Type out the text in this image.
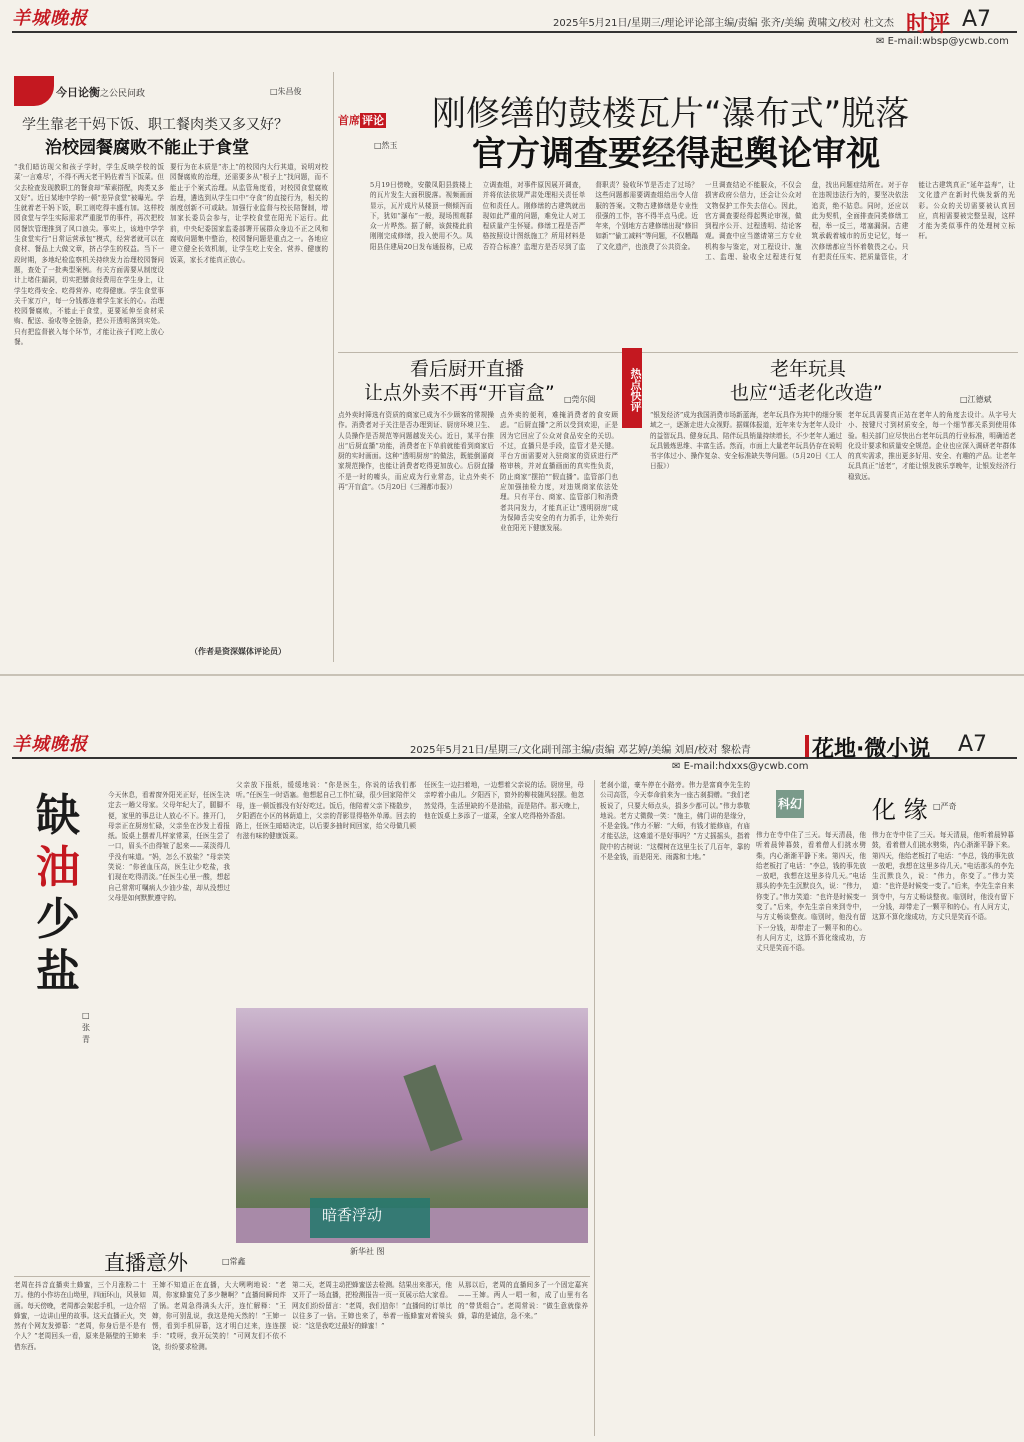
羊城晚报	2025年5月21日/星期三/理论评论部主编/责编 张齐/美编 黄啸文/校对 杜文杰 时评 A7
✉ E-mail:wbsp@ycwb.com
今日论衡之公民问政	□朱昌俊
学生靠老干妈下饭、职工餐肉类又多又好？
治校园餐腐败不能止于食堂
“我们暗访现父和孩子学时，学生反映学校的饭菜‘一言难尽’，不得不两天老干妈佐着当下饭菜。但父去检查发现教职工的餐食却“荤素搭配，肉类又多又好”。近日某地中学的一顿“差异食堂”被曝光。学生就着老干妈下饭，职工则吃得丰盛有加。这样校园食堂与学生实际需求严重脱节的事件，再次把校园餐饮管理推到了风口浪尖。事实上，该地中学学生食堂实行“日常运营承包”模式，经营者就可以在食材、餐品上大做文章，挤占学生的权益。当下一段时期，多地纪检监察机关持续发力治理校园餐问题，查处了一批典型案例。有关方面需要从制度设计上堵住漏洞，切实把膳食经费用在学生身上，让学生吃得安全、吃得营养、吃得健康。学生食堂事关千家万户，每一分钱都连着学生家长的心。治理校园餐腐败，不能止于食堂，更要延伸至食材采购、配送、验收等全链条，把公开透明落到实处。只有把监督嵌入每个环节，才能让孩子们吃上放心餐。
要行为在本质是“亦上”的校园内大行其道，说明对校园餐腐败的治理，还需要多从“根子上”找问题，而不能止于个案式治理。从监管角度看，对校园食堂腐败治理，遴选到从学生口中“夺食”的直接行为，相关的制度创新不可或缺。加强行业监督与校长陪餐制，增加家长委员会参与，让学校食堂在阳光下运行。此前，中央纪委国家监委部署开展群众身边不正之风和腐败问题集中整治，校园餐问题是重点之一。各地应建立健全长效机制，让学生吃上安全、营养、健康的饭菜，家长才能真正放心。
（作者是资深媒体评论员）
首席 评论
□然玉
刚修缮的鼓楼瓦片“瀑布式”脱落
官方调查要经得起舆论审视
5月19日傍晚，安徽凤阳县鼓楼上的瓦片发生大面积脱落。视频画面显示，瓦片成片从楼顶一侧倾泻而下，犹如“瀑布”一般，现场围观群众一片哗然。据了解，该鼓楼此前刚刚完成修缮，投入使用不久。凤阳县住建局20日发布通报称，已成立调查组，对事件原因展开调查，并将依法依规严肃处理相关责任单位和责任人。刚修缮的古建筑就出现如此严重的问题，难免让人对工程质量产生怀疑。修缮工程是否严格按照设计图纸施工？所用材料是否符合标准？监理方是否尽到了监督职责？验收环节是否走了过场？这些问题都需要调查组给出令人信服的答案。文物古建修缮是专业性很强的工作，容不得半点马虎。近年来，个别地方古建修缮出现“修旧如新”“偷工减料”等问题，不仅糟蹋了文化遗产，也浪费了公共资金。
一旦调查结论不能服众，不仅会损害政府公信力，还会让公众对文物保护工作失去信心。因此，官方调查要经得起舆论审视，做到程序公开、过程透明、结论客观。调查中应当邀请第三方专业机构参与鉴定，对工程设计、施工、监理、验收全过程进行复盘，找出问题症结所在。对于存在违规违法行为的，要坚决依法追责，绝不姑息。同时，还应以此为契机，全面排查同类修缮工程，举一反三，堵塞漏洞。古建筑承载着城市的历史记忆，每一次修缮都应当怀着敬畏之心。只有把责任压实、把质量管住，才能让古建筑真正“延年益寿”，让文化遗产在新时代焕发新的光彩。公众的关切需要被认真回应，真相需要被完整呈现，这样才能为类似事件的处理树立标杆。
看后厨开直播
让点外卖不再“开盲盒” □莞尔阅
点外卖时筛选有资质的商家已成为不少顾客的常规操作。消费者对于关注是否办理到证、厨房环境卫生、人员操作是否规范等问题越发关心。近日，某平台推出“后厨直播”功能，消费者在下单前就能看到商家后厨的实时画面。这种“透明厨房”的做法，既能倒逼商家规范操作，也能让消费者吃得更加放心。后厨直播不是一时的噱头，而应成为行业常态，让点外卖不再“开盲盒”。（5月20日《三湘都市报》）
点外卖的便利，难掩消费者的食安顾虑。“后厨直播”之所以受到欢迎，正是因为它回应了公众对食品安全的关切。不过，直播只是手段，监管才是关键。平台方面需要对入驻商家的资质进行严格审核，并对直播画面的真实性负责，防止商家“摆拍”“假直播”。监管部门也应加强抽检力度，对违规商家依法处理。只有平台、商家、监管部门和消费者共同发力，才能真正让“透明厨房”成为保障舌尖安全的有力抓手，让外卖行业在阳光下健康发展。
热点快评	老年玩具
也应“适老化改造”	□江德斌
“银发经济”成为我国消费市场新蓝海，老年玩具作为其中的细分领域之一，逐渐走进大众视野。据媒体报道，近年来专为老年人设计的益智玩具、健身玩具、陪伴玩具销量持续增长，不少老年人通过玩具锻炼思维、丰富生活。然而，市面上大量老年玩具仍存在说明书字体过小、操作复杂、安全标准缺失等问题。（5月20日《工人日报》）
老年玩具需要真正站在老年人的角度去设计。从字号大小、按键尺寸到材质安全，每一个细节都关系到使用体验。相关部门应尽快出台老年玩具的行业标准，明确适老化设计要求和质量安全规范。企业也应深入调研老年群体的真实需求，推出更多好用、安全、有趣的产品。让老年玩具真正“适老”，才能让银发族乐享晚年，让银发经济行稳致远。
羊城晚报	2025年5月21日/星期三/文化副刊部主编/责编 邓艺婷/美编 刘眉/校对 黎松青	花地·微小说 A7
✉ E-mail:hdxxs@ycwb.com
缺
油
少
盐
□张青
今天休息，看着窗外阳光正好，任医生决定去一趟父母家。父母年纪大了，腿脚不便，家里的事总让人放心不下。推开门，母亲正在厨房忙碌，父亲坐在沙发上看报纸。饭桌上摆着几样家常菜，任医生尝了一口，眉头不由得皱了起来——菜淡得几乎没有味道。“妈，怎么不放盐？”母亲笑笑说：“你爸血压高，医生让少吃盐，我们现在吃得清淡。”任医生心里一酸，想起自己常常叮嘱病人少油少盐，却从没想过父母是如何默默遵守的。
父亲放下报纸，缓缓地说：“你是医生，你说的话我们都听。”任医生一时语塞。他想起自己工作忙碌，很少回家陪伴父母，连一顿饭都没有好好吃过。饭后，他陪着父亲下楼散步，夕阳洒在小区的林荫道上，父亲的背影显得格外单薄。回去的路上，任医生暗暗决定，以后要多抽时间回家，给父母做几顿有滋有味的健康饭菜。
任医生一边扫着地，一边想着父亲说的话。厨房里，母亲哼着小曲儿。夕阳西下，窗外的柳枝随风轻摆。他忽然觉得，生活里缺的不是油盐，而是陪伴。那天晚上，他在饭桌上多添了一道菜，全家人吃得格外香甜。
暗香浮动
新华社 图
直播意外	□常鑫
老周在抖音直播卖土蜂蜜，三个月涨粉二十万。他的小作坊在山坳里，四面环山，风景如画。每天傍晚，老周都会架起手机，一边介绍蜂蜜，一边讲山里的故事。这天直播正火，突然有个网友发弹幕：“老周，你身后是不是有个人？”老周回头一看，原来是隔壁的王婶来借东西。
王婶不知道正在直播，大大咧咧地说：“老周，你家蜂蜜兑了多少糖啊？”直播间瞬间炸了锅。老周急得满头大汗，连忙解释：“王婶，你可别乱说，我这是纯天然的！”王婶一愣，看到手机屏幕，这才明白过来，连连摆手：“哎呀，我开玩笑的！”可网友们不依不饶，纷纷要求检测。
第二天，老周主动把蜂蜜送去检测。结果出来那天，他又开了一场直播，把检测报告一页一页展示给大家看。网友们纷纷留言：“老周，我们信你！”直播间的订单比以往多了一倍。王婶也来了，举着一瓶蜂蜜对着镜头说：“这是我吃过最好的蜂蜜！”
从那以后，老周的直播间多了一个固定嘉宾——王婶。两人一唱一和，成了山里有名的“带货组合”。老周常说：“做生意就像养蜂，靠的是诚信，急不来。”
老刹小道，豪车停在小路旁。伟力是富商李先生的公司高管，今天奉命前来为一座古刹捐赠。“我们老板说了，只要大师点头，捐多少都可以。”伟力恭敬地说。老方丈微微一笑：“施主，佛门讲的是缘分，不是金钱。”伟力不解：“大师，有钱才能修庙，有庙才能弘法，这难道不是好事吗？”方丈摇摇头，指着院中的古树说：“这棵树在这里生长了几百年，靠的不是金钱，而是阳光、雨露和土地。”
科幻	化 缘 □严奇
伟力在寺中住了三天。每天清晨，他听着晨钟暮鼓，看着僧人们挑水劈柴，内心渐渐平静下来。第四天，他给老板打了电话：“李总，钱的事先放一放吧，我想在这里多待几天。”电话那头的李先生沉默良久，说：“伟力，你变了。”伟力笑道：“也许是时候变一变了。”后来，李先生亲自来到寺中，与方丈畅谈整夜。临别时，他没有留下一分钱，却带走了一颗平和的心。有人问方丈，这算不算化缘成功，方丈只是笑而不语。
伟力在寺中住了三天。每天清晨，他听着晨钟暮鼓，看着僧人们挑水劈柴，内心渐渐平静下来。第四天，他给老板打了电话：“李总，钱的事先放一放吧，我想在这里多待几天。”电话那头的李先生沉默良久，说：“伟力，你变了。”伟力笑道：“也许是时候变一变了。”后来，李先生亲自来到寺中，与方丈畅谈整夜。临别时，他没有留下一分钱，却带走了一颗平和的心。有人问方丈，这算不算化缘成功，方丈只是笑而不语。
